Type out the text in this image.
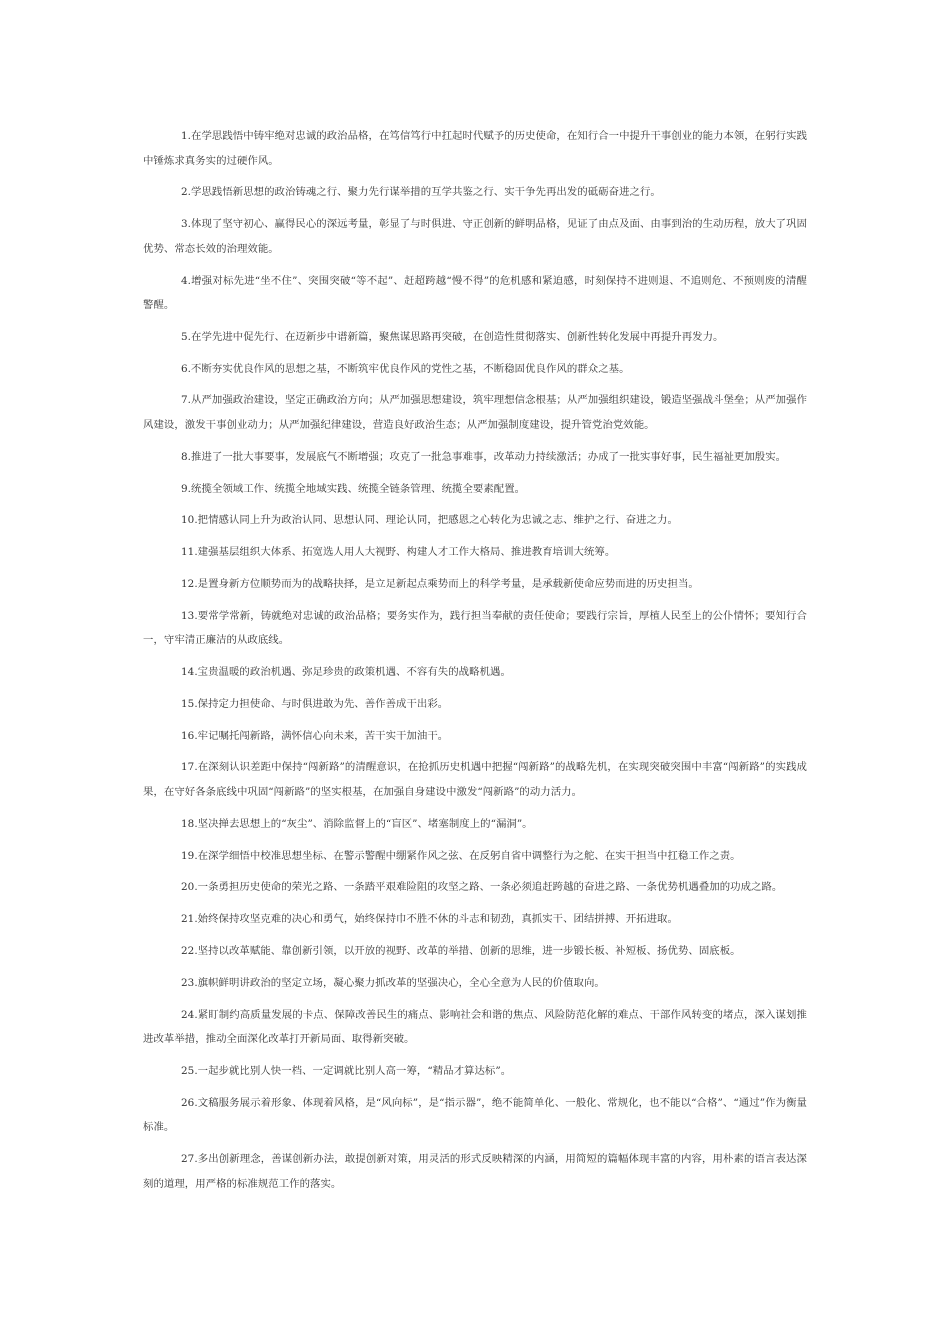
1.在学思践悟中铸牢绝对忠诚的政治品格，在笃信笃行中扛起时代赋予的历史使命，在知行合一中提升干事创业的能力本领，在躬行实践中锤炼求真务实的过硬作风。

2.学思践悟新思想的政治铸魂之行、聚力先行谋举措的互学共鉴之行、实干争先再出发的砥砺奋进之行。

3.体现了坚守初心、赢得民心的深远考量，彰显了与时俱进、守正创新的鲜明品格，见证了由点及面、由事到治的生动历程，放大了巩固优势、常态长效的治理效能。

4.增强对标先进“坐不住”、突围突破“等不起”、赶超跨越“慢不得”的危机感和紧迫感，时刻保持不进则退、不追则危、不预则废的清醒警醒。

5.在学先进中促先行、在迈新步中谱新篇，聚焦谋思路再突破，在创造性贯彻落实、创新性转化发展中再提升再发力。

6.不断夯实优良作风的思想之基，不断筑牢优良作风的党性之基，不断稳固优良作风的群众之基。

7.从严加强政治建设，坚定正确政治方向；从严加强思想建设，筑牢理想信念根基；从严加强组织建设，锻造坚强战斗堡垒；从严加强作风建设，激发干事创业动力；从严加强纪律建设，营造良好政治生态；从严加强制度建设，提升管党治党效能。

8.推进了一批大事要事，发展底气不断增强；攻克了一批急事难事，改革动力持续激活；办成了一批实事好事，民生福祉更加殷实。

9.统揽全领域工作、统揽全地域实践、统揽全链条管理、统揽全要素配置。

10.把情感认同上升为政治认同、思想认同、理论认同，把感恩之心转化为忠诚之志、维护之行、奋进之力。

11.建强基层组织大体系、拓宽选人用人大视野、构建人才工作大格局、推进教育培训大统筹。

12.是置身新方位顺势而为的战略抉择，是立足新起点乘势而上的科学考量，是承载新使命应势而进的历史担当。

13.要常学常新，铸就绝对忠诚的政治品格；要务实作为，践行担当奉献的责任使命；要践行宗旨，厚植人民至上的公仆情怀；要知行合一，守牢清正廉洁的从政底线。

14.宝贵温暖的政治机遇、弥足珍贵的政策机遇、不容有失的战略机遇。

15.保持定力担使命、与时俱进敢为先、善作善成干出彩。

16.牢记嘱托闯新路，满怀信心向未来，苦干实干加油干。

17.在深刻认识差距中保持“闯新路”的清醒意识，在抢抓历史机遇中把握“闯新路”的战略先机，在实现突破突围中丰富“闯新路”的实践成果，在守好各条底线中巩固“闯新路”的坚实根基，在加强自身建设中激发“闯新路”的动力活力。

18.坚决掸去思想上的“灰尘”、消除监督上的“盲区”、堵塞制度上的“漏洞”。

19.在深学细悟中校准思想坐标、在警示警醒中绷紧作风之弦、在反躬自省中调整行为之舵、在实干担当中扛稳工作之责。

20.一条勇担历史使命的荣光之路、一条踏平艰难险阻的攻坚之路、一条必须追赶跨越的奋进之路、一条优势机遇叠加的功成之路。

21.始终保持攻坚克难的决心和勇气，始终保持巾不胜不休的斗志和韧劲，真抓实干、团结拼搏、开拓进取。

22.坚持以改革赋能、靠创新引领，以开放的视野、改革的举措、创新的思维，进一步锻长板、补短板、扬优势、固底板。

23.旗帜鲜明讲政治的坚定立场，凝心聚力抓改革的坚强决心，全心全意为人民的价值取向。

24.紧盯制约高质量发展的卡点、保障改善民生的痛点、影响社会和谐的焦点、风险防范化解的难点、干部作风转变的堵点，深入谋划推进改革举措，推动全面深化改革打开新局面、取得新突破。

25.一起步就比别人快一档、一定调就比别人高一筹，“精品才算达标”。

26.文稿服务展示着形象、体现着风格，是“风向标”，是“指示器”，绝不能简单化、一般化、常规化，也不能以“合格”、“通过”作为衡量标准。

27.多出创新理念，善谋创新办法，敢提创新对策，用灵活的形式反映精深的内涵，用简短的篇幅体现丰富的内容，用朴素的语言表达深刻的道理，用严格的标准规范工作的落实。
